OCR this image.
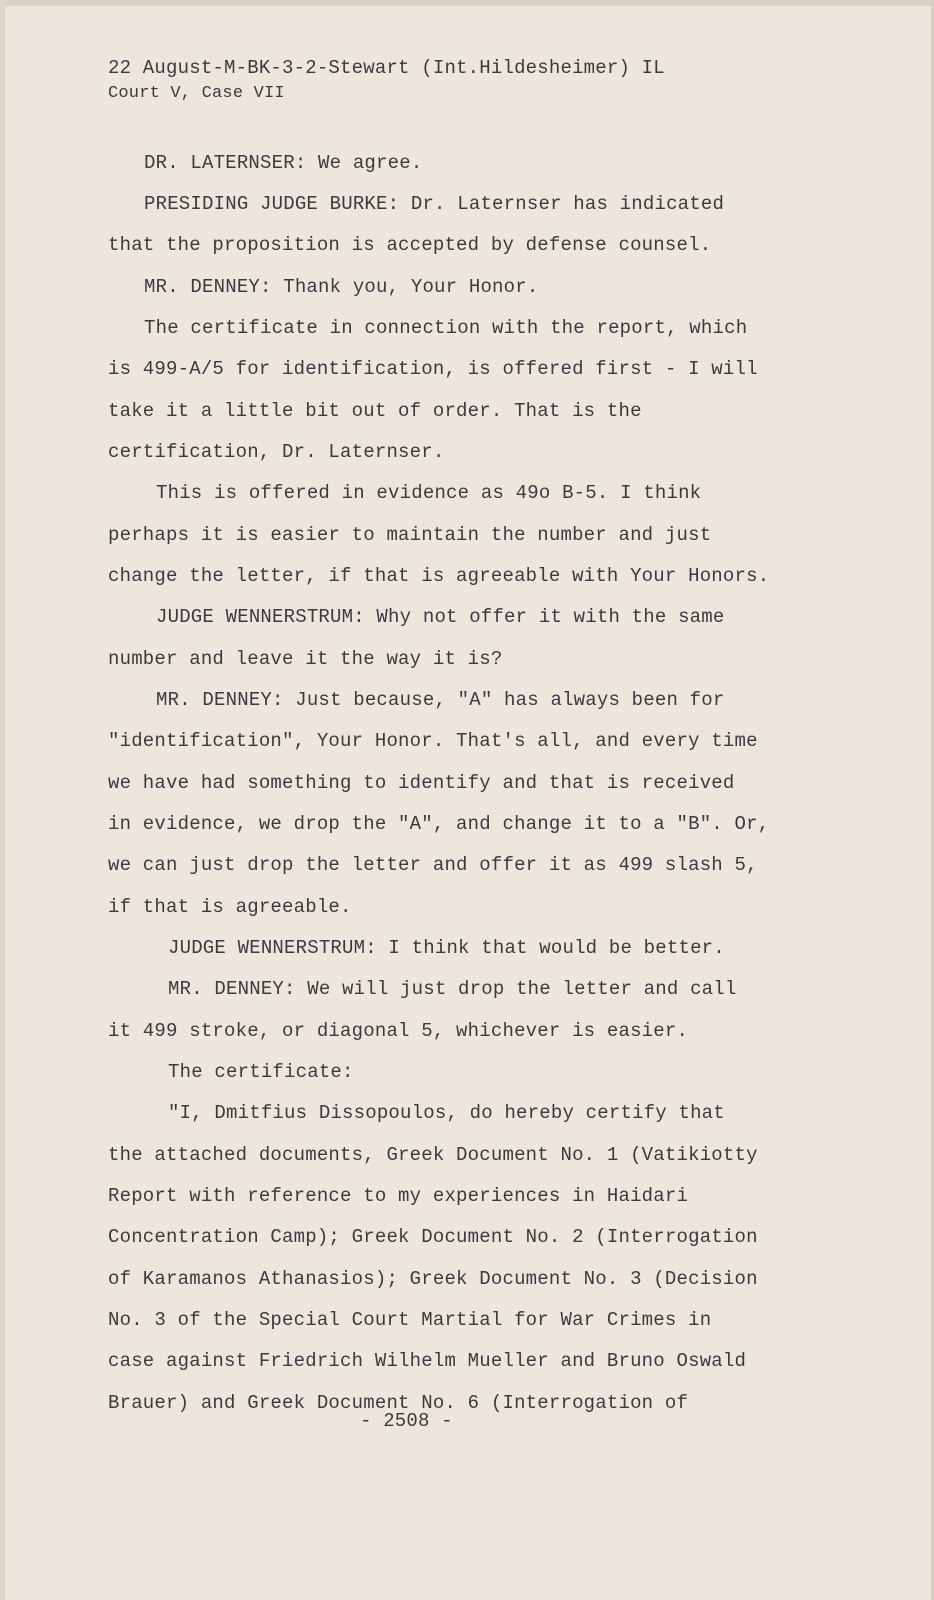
22 August-M-BK-3-2-Stewart (Int.Hildesheimer) IL
Court V, Case VII
DR. LATERNSER: We agree.
PRESIDING JUDGE BURKE: Dr. Laternser has indicated
that the proposition is accepted by defense counsel.
MR. DENNEY: Thank you, Your Honor.
The certificate in connection with the report, which
is 499-A/5 for identification, is offered first - I will
take it a little bit out of order. That is the
certification, Dr. Laternser.
This is offered in evidence as 49o B-5. I think
perhaps it is easier to maintain the number and just
change the letter, if that is agreeable with Your Honors.
JUDGE WENNERSTRUM: Why not offer it with the same
number and leave it the way it is?
MR. DENNEY: Just because, "A" has always been for
"identification", Your Honor. That's all, and every time
we have had something to identify and that is received
in evidence, we drop the "A", and change it to a "B". Or,
we can just drop the letter and offer it as 499 slash 5,
if that is agreeable.
JUDGE WENNERSTRUM: I think that would be better.
MR. DENNEY: We will just drop the letter and call
it 499 stroke, or diagonal 5, whichever is easier.
The certificate:
"I, Dmitfius Dissopoulos, do hereby certify that
the attached documents, Greek Document No. 1 (Vatikiotty
Report with reference to my experiences in Haidari
Concentration Camp); Greek Document No. 2 (Interrogation
of Karamanos Athanasios); Greek Document No. 3 (Decision
No. 3 of the Special Court Martial for War Crimes in
case against Friedrich Wilhelm Mueller and Bruno Oswald
Brauer) and Greek Document No. 6 (Interrogation of
- 2508 -
